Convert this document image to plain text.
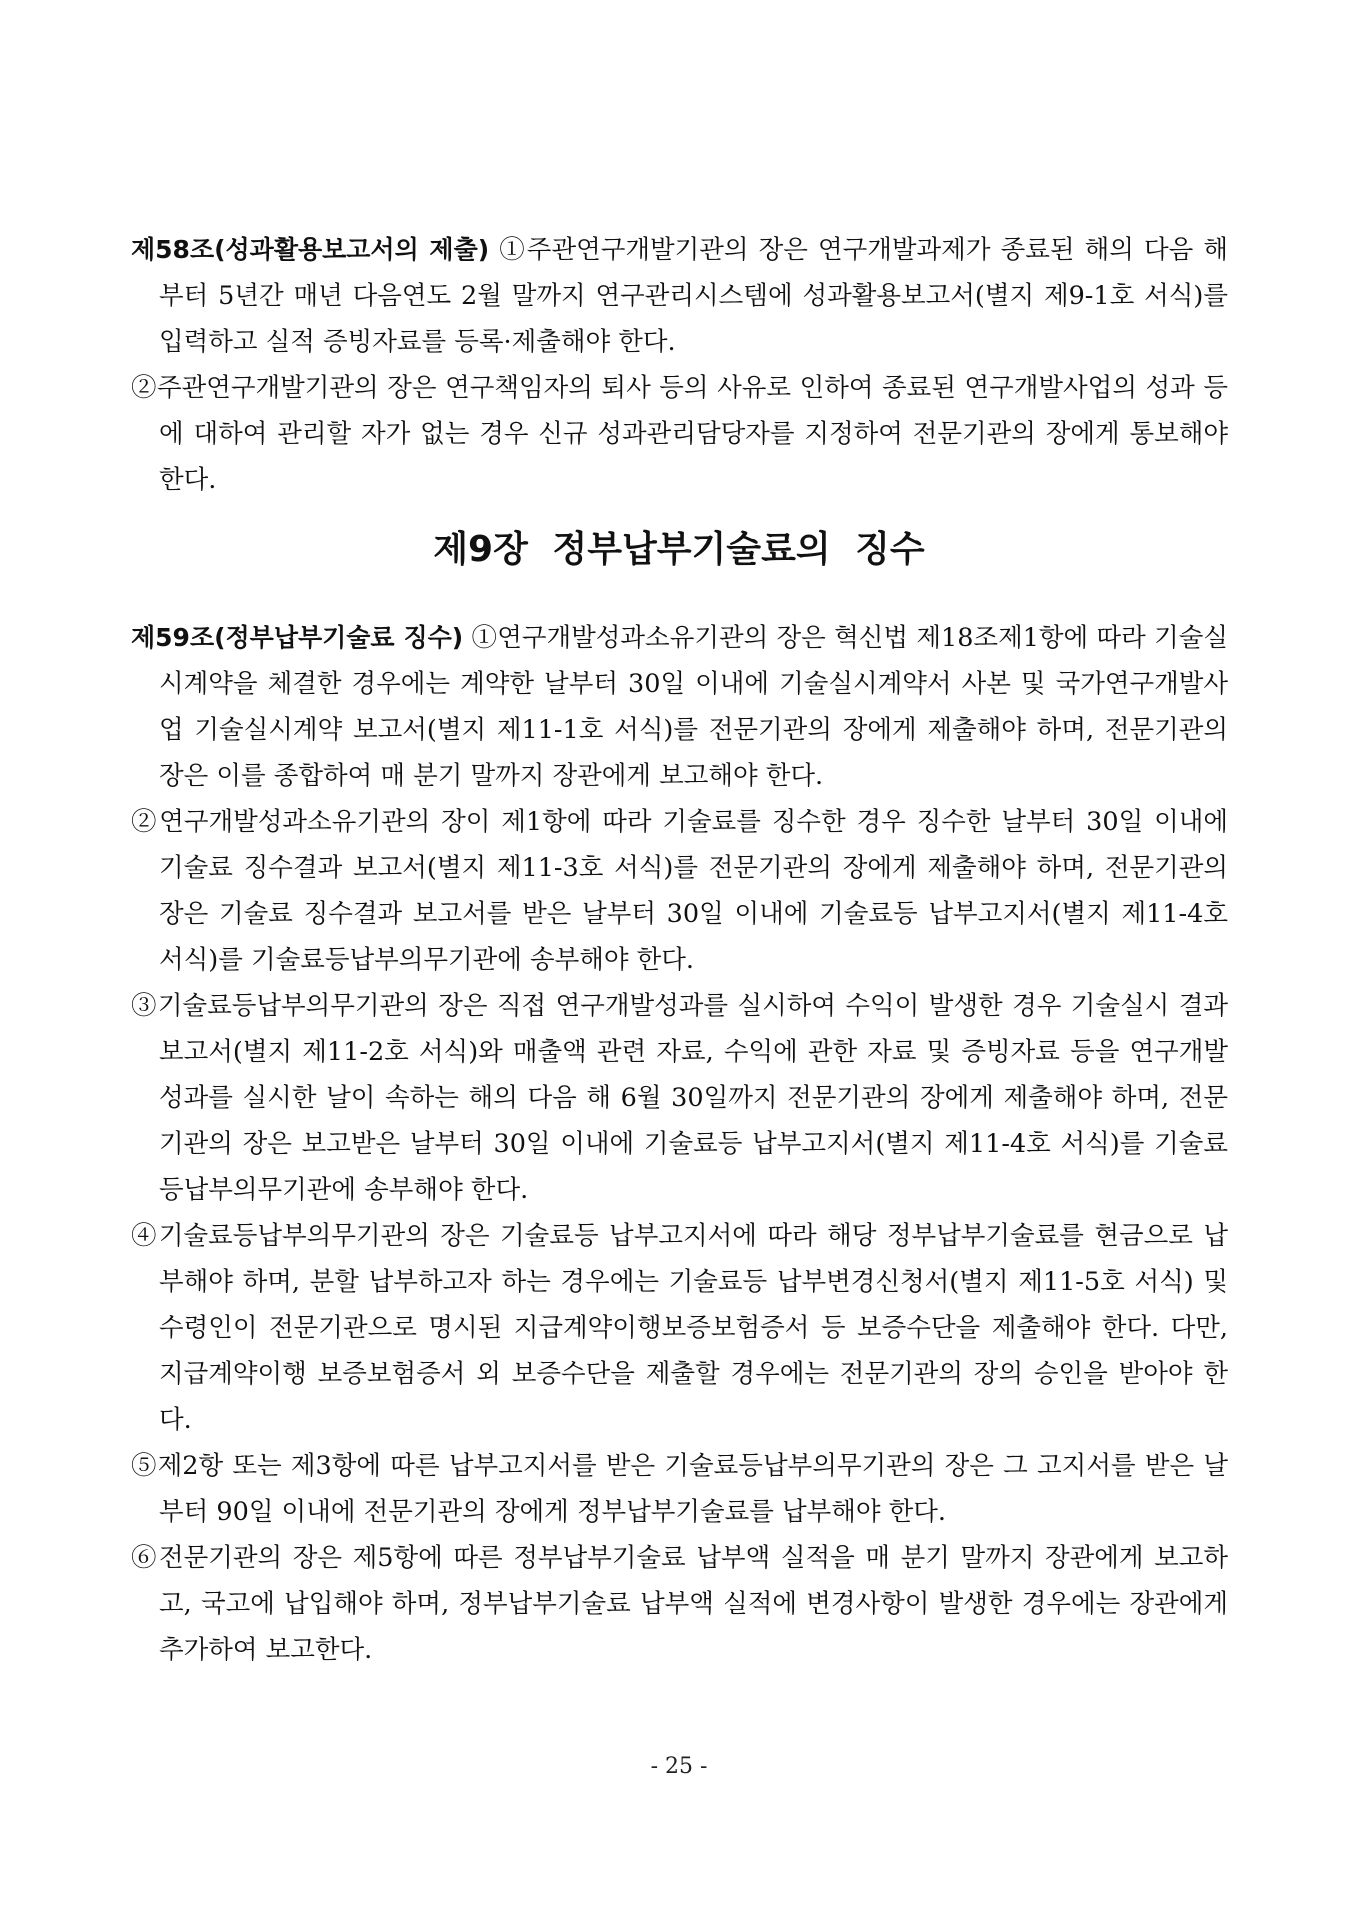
제58조(성과활용보고서의 제출) ①주관연구개발기관의 장은 연구개발과제가 종료된 해의 다음 해부터 5년간 매년 다음연도 2월 말까지 연구관리시스템에 성과활용보고서(별지 제9-1호 서식)를 입력하고 실적 증빙자료를 등록·제출해야 한다.

②주관연구개발기관의 장은 연구책임자의 퇴사 등의 사유로 인하여 종료된 연구개발사업의 성과 등에 대하여 관리할 자가 없는 경우 신규 성과관리담당자를 지정하여 전문기관의 장에게 통보해야 한다.

제9장 정부납부기술료의 징수

제59조(정부납부기술료 징수) ①연구개발성과소유기관의 장은 혁신법 제18조제1항에 따라 기술실시계약을 체결한 경우에는 계약한 날부터 30일 이내에 기술실시계약서 사본 및 국가연구개발사업 기술실시계약 보고서(별지 제11-1호 서식)를 전문기관의 장에게 제출해야 하며, 전문기관의 장은 이를 종합하여 매 분기 말까지 장관에게 보고해야 한다.

②연구개발성과소유기관의 장이 제1항에 따라 기술료를 징수한 경우 징수한 날부터 30일 이내에 기술료 징수결과 보고서(별지 제11-3호 서식)를 전문기관의 장에게 제출해야 하며, 전문기관의 장은 기술료 징수결과 보고서를 받은 날부터 30일 이내에 기술료등 납부고지서(별지 제11-4호 서식)를 기술료등납부의무기관에 송부해야 한다.

③기술료등납부의무기관의 장은 직접 연구개발성과를 실시하여 수익이 발생한 경우 기술실시 결과보고서(별지 제11-2호 서식)와 매출액 관련 자료, 수익에 관한 자료 및 증빙자료 등을 연구개발성과를 실시한 날이 속하는 해의 다음 해 6월 30일까지 전문기관의 장에게 제출해야 하며, 전문기관의 장은 보고받은 날부터 30일 이내에 기술료등 납부고지서(별지 제11-4호 서식)를 기술료등납부의무기관에 송부해야 한다.

④기술료등납부의무기관의 장은 기술료등 납부고지서에 따라 해당 정부납부기술료를 현금으로 납부해야 하며, 분할 납부하고자 하는 경우에는 기술료등 납부변경신청서(별지 제11-5호 서식) 및 수령인이 전문기관으로 명시된 지급계약이행보증보험증서 등 보증수단을 제출해야 한다. 다만, 지급계약이행 보증보험증서 외 보증수단을 제출할 경우에는 전문기관의 장의 승인을 받아야 한다.

⑤제2항 또는 제3항에 따른 납부고지서를 받은 기술료등납부의무기관의 장은 그 고지서를 받은 날부터 90일 이내에 전문기관의 장에게 정부납부기술료를 납부해야 한다.

⑥전문기관의 장은 제5항에 따른 정부납부기술료 납부액 실적을 매 분기 말까지 장관에게 보고하고, 국고에 납입해야 하며, 정부납부기술료 납부액 실적에 변경사항이 발생한 경우에는 장관에게 추가하여 보고한다.

- 25 -
